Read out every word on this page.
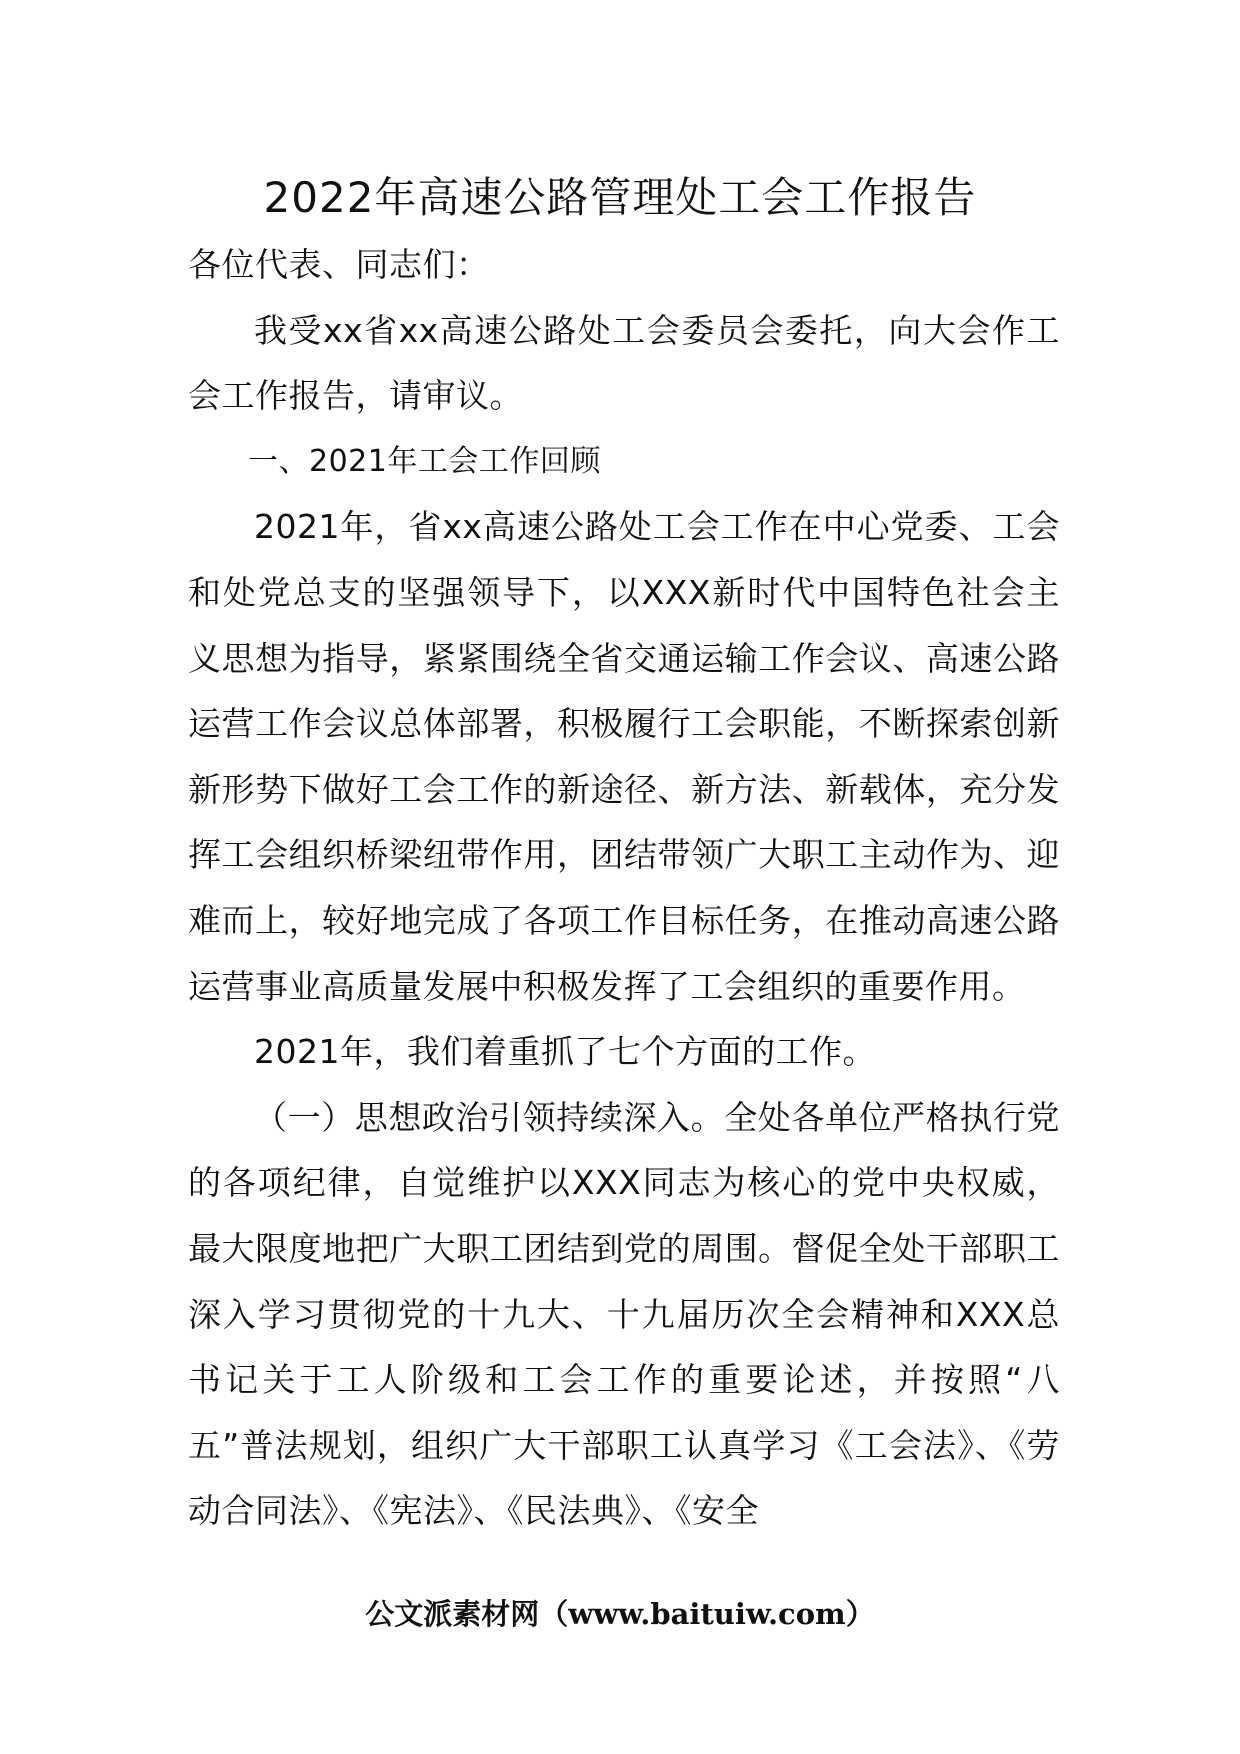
2022年高速公路管理处工会工作报告

各位代表、同志们：

我受xx省xx高速公路处工会委员会委托，向大会作工会工作报告，请审议。

一、2021年工会工作回顾

2021年，省xx高速公路处工会工作在中心党委、工会和处党总支的坚强领导下，以XXX新时代中国特色社会主义思想为指导，紧紧围绕全省交通运输工作会议、高速公路运营工作会议总体部署，积极履行工会职能，不断探索创新新形势下做好工会工作的新途径、新方法、新载体，充分发挥工会组织桥梁纽带作用，团结带领广大职工主动作为、迎难而上，较好地完成了各项工作目标任务，在推动高速公路运营事业高质量发展中积极发挥了工会组织的重要作用。

2021年，我们着重抓了七个方面的工作。

（一）思想政治引领持续深入。全处各单位严格执行党的各项纪律，自觉维护以XXX同志为核心的党中央权威，最大限度地把广大职工团结到党的周围。督促全处干部职工深入学习贯彻党的十九大、十九届历次全会精神和XXX总书记关于工人阶级和工会工作的重要论述，并按照“八五”普法规划，组织广大干部职工认真学习《工会法》、《劳动合同法》、《宪法》、《民法典》、《安全

公文派素材网（www.baituiw.com）
